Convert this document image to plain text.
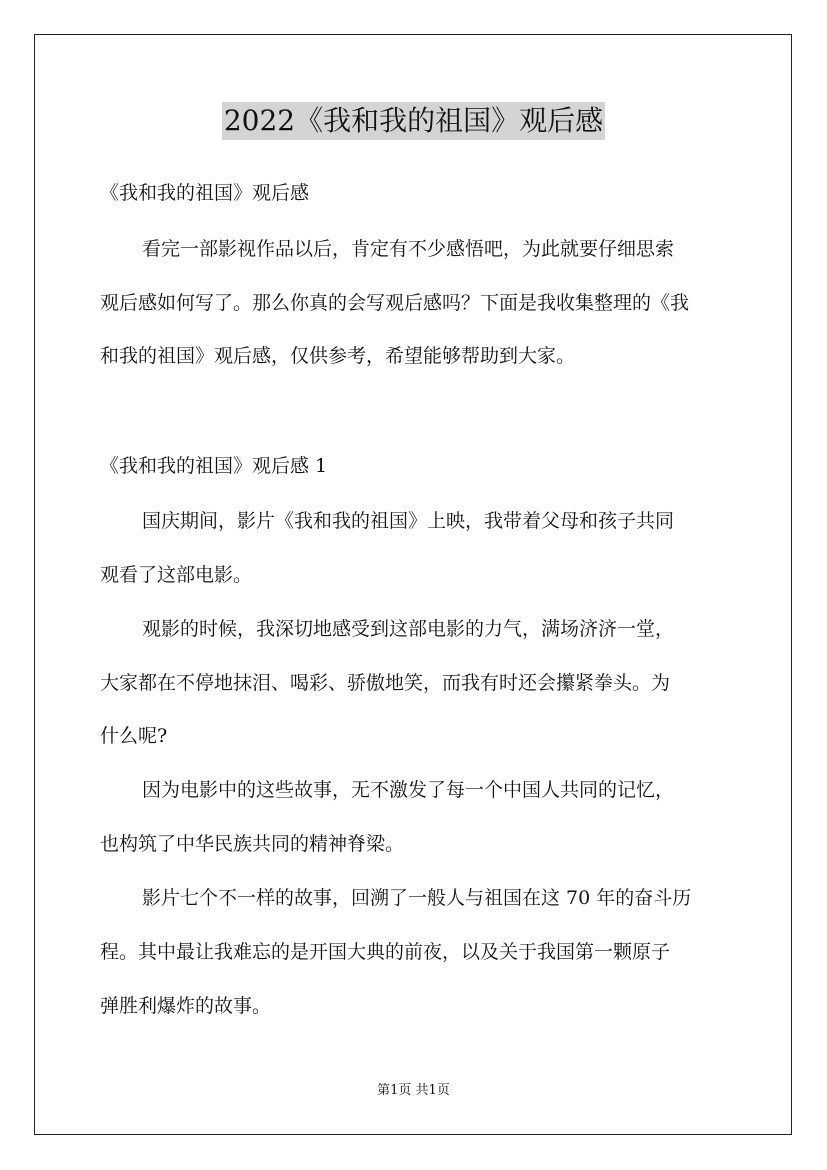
2022《我和我的祖国》观后感
《我和我的祖国》观后感
看完一部影视作品以后，肯定有不少感悟吧，为此就要仔细思索
观后感如何写了。那么你真的会写观后感吗？下面是我收集整理的《我
和我的祖国》观后感，仅供参考，希望能够帮助到大家。
《我和我的祖国》观后感 1
国庆期间，影片《我和我的祖国》上映，我带着父母和孩子共同
观看了这部电影。
观影的时候，我深切地感受到这部电影的力气，满场济济一堂，
大家都在不停地抹泪、喝彩、骄傲地笑，而我有时还会攥紧拳头。为
什么呢?
因为电影中的这些故事，无不激发了每一个中国人共同的记忆，
也构筑了中华民族共同的精神脊梁。
影片七个不一样的故事，回溯了一般人与祖国在这 70 年的奋斗历
程。其中最让我难忘的是开国大典的前夜，以及关于我国第一颗原子
弹胜利爆炸的故事。
第1页 共1页
